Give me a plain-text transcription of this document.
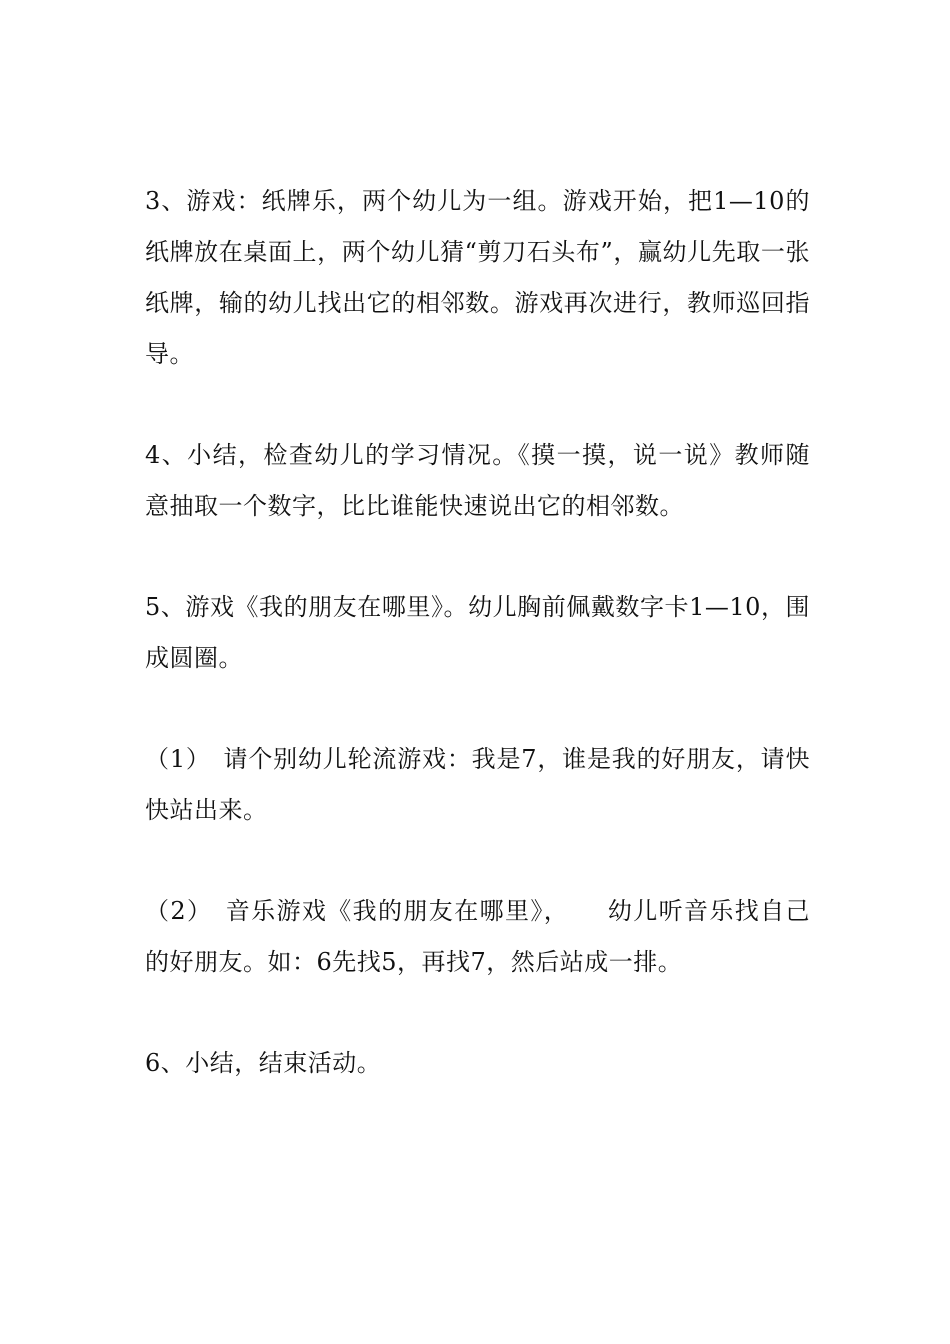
3、游戏：纸牌乐，两个幼儿为一组。游戏开始，把1—10的纸牌放在桌面上，两个幼儿猜“剪刀石头布”，赢幼儿先取一张纸牌，输的幼儿找出它的相邻数。游戏再次进行，教师巡回指导。

4、小结，检查幼儿的学习情况。《摸一摸，说一说》教师随意抽取一个数字，比比谁能快速说出它的相邻数。

5、游戏《我的朋友在哪里》。幼儿胸前佩戴数字卡1—10，围成圆圈。

（1）　请个别幼儿轮流游戏：我是7，谁是我的好朋友，请快快站出来。

（2）　音乐游戏《我的朋友在哪里》，　　幼儿听音乐找自己的好朋友。如：6先找5，再找7，然后站成一排。

6、小结，结束活动。
